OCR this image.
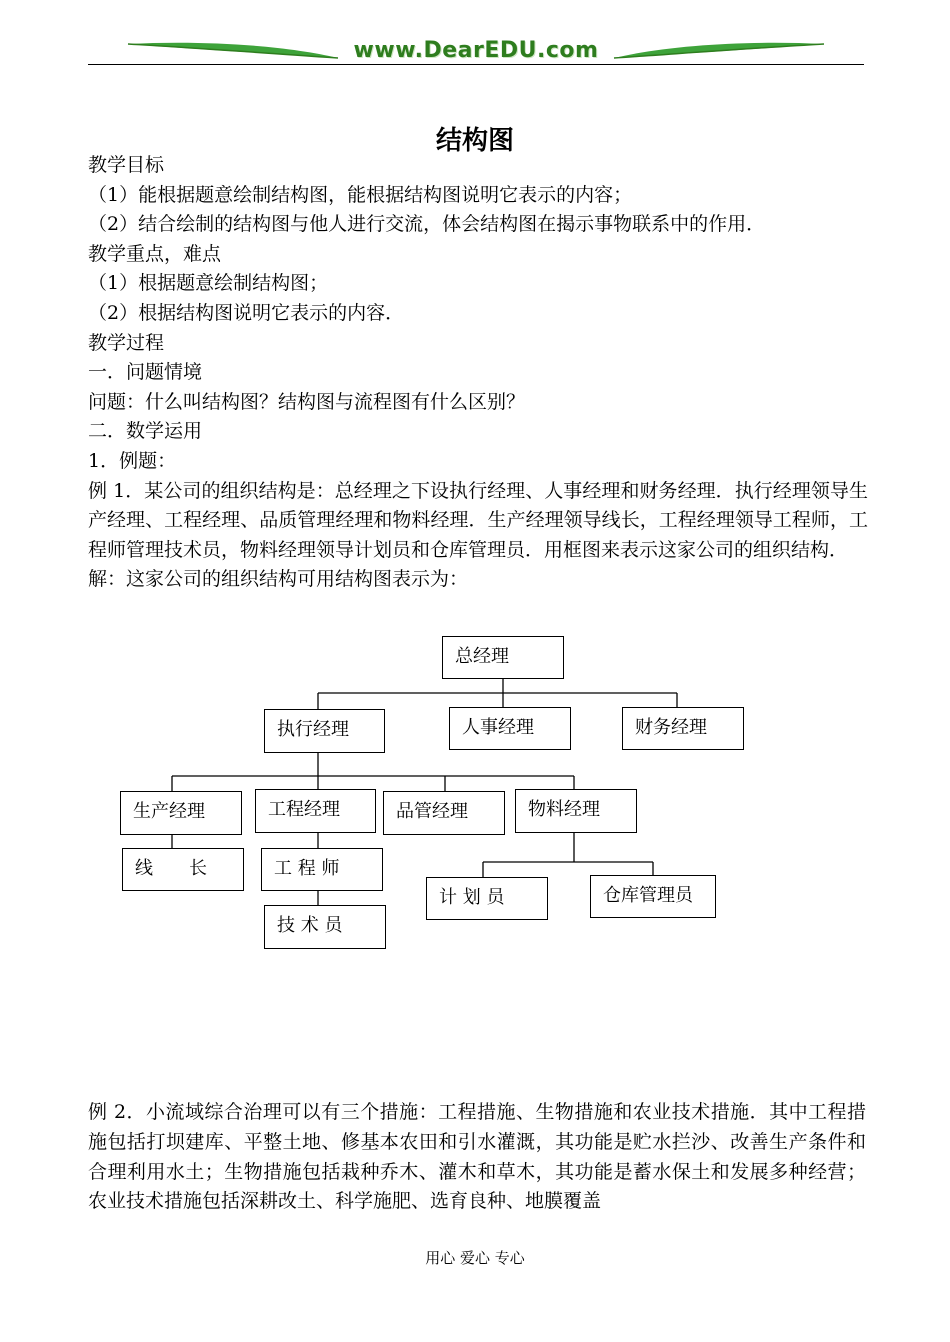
www.DearEDU.com
结构图

教学目标

（1）能根据题意绘制结构图，能根据结构图说明它表示的内容；

（2）结合绘制的结构图与他人进行交流，体会结构图在揭示事物联系中的作用．

教学重点，难点

（1）根据题意绘制结构图；

（2）根据结构图说明它表示的内容．

教学过程

一．问题情境

问题：什么叫结构图？结构图与流程图有什么区别？

二．数学运用

1．例题：

例 1．某公司的组织结构是：总经理之下设执行经理、人事经理和财务经理．执行经理领导生产经理、工程经理、品质管理经理和物料经理．生产经理领导线长，工程经理领导工程师，工程师管理技术员，物料经理领导计划员和仓库管理员．用框图来表示这家公司的组织结构．

解：这家公司的组织结构可用结构图表示为：

总经理
执行经理	人事经理	财务经理
生产经理	工程经理	品管经理	物料经理
线　　长	工 程 师
技 术 员
计 划 员	仓库管理员
例 2．小流域综合治理可以有三个措施：工程措施、生物措施和农业技术措施．其中工程措施包括打坝建库、平整土地、修基本农田和引水灌溉，其功能是贮水拦沙、改善生产条件和合理利用水土；生物措施包括栽种乔木、灌木和草木，其功能是蓄水保土和发展多种经营；农业技术措施包括深耕改土、科学施肥、选育良种、地膜覆盖
用心 爱心 专心
